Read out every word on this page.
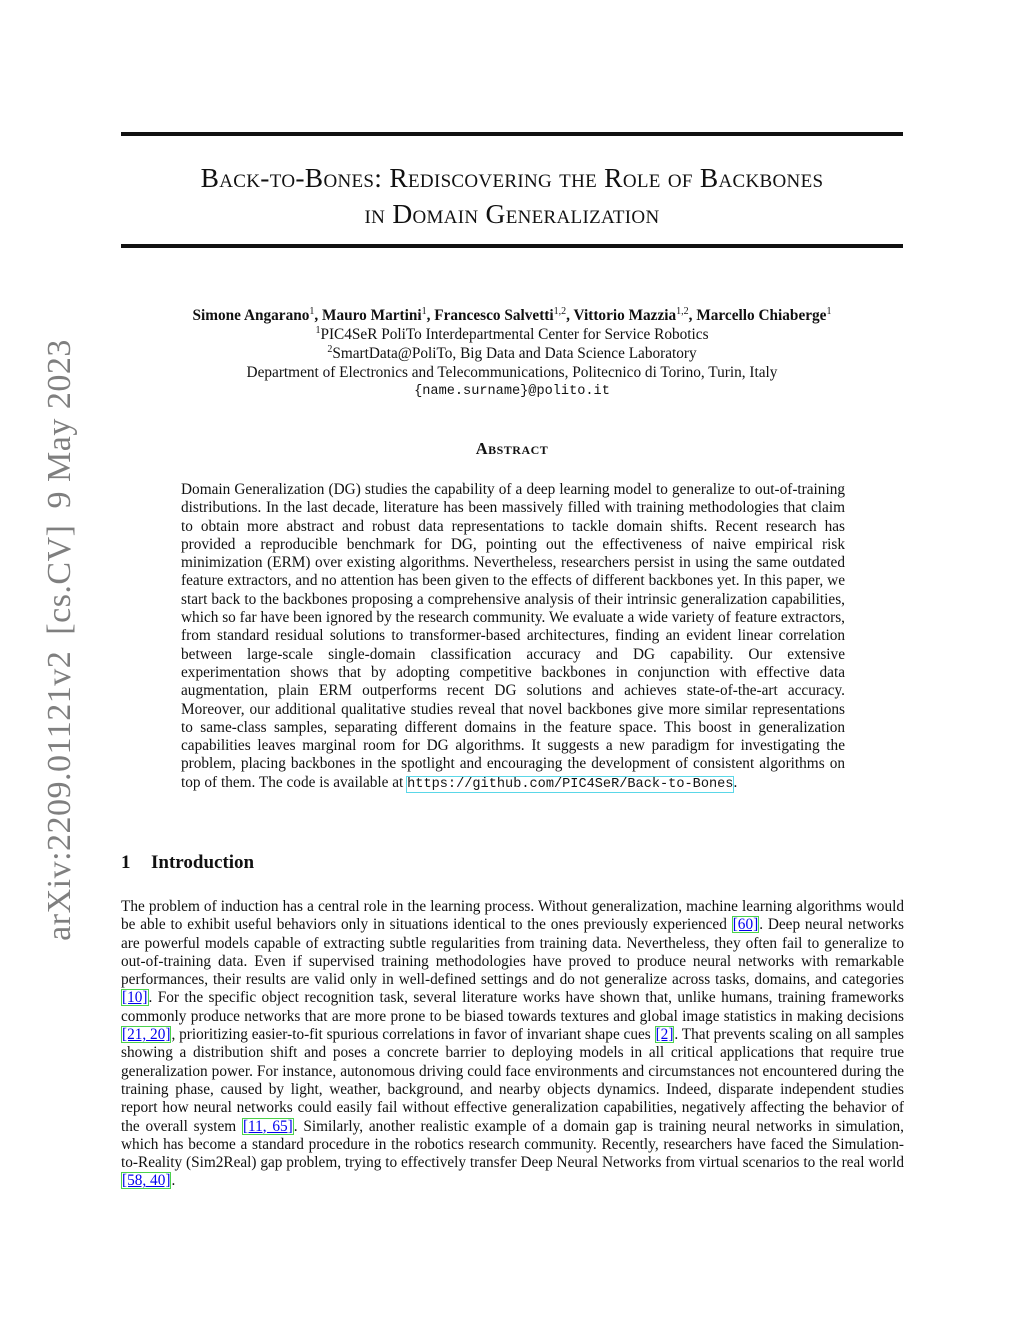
arXiv:2209.01121v2[cs.CV]9 May 2023
Back-to-Bones: Rediscovering the Role of Backbones
in Domain Generalization
Simone Angarano$^1$, Mauro Martini$^1$, Francesco Salvetti$^{1,2}$, Vittorio Mazzia$^{1,2}$, Marcello Chiaberge$^1$
$^1$PIC4SeR PoliTo Interdepartmental Center for Service Robotics
$^2$SmartData@PoliTo, Big Data and Data Science Laboratory
Department of Electronics and Telecommunications, Politecnico di Torino, Turin, Italy
{name.surname}@polito.it
Abstract
Domain Generalization (DG) studies the capability of a deep learning model to generalize to out-of-training distributions. In the last decade, literature has been massively filled with training methodologies that claim to obtain more abstract and robust data representations to tackle domain shifts. Recent research has provided a reproducible benchmark for DG, pointing out the effectiveness of naive empirical risk minimization (ERM) over existing algorithms. Nevertheless, researchers persist in using the same outdated feature extractors, and no attention has been given to the effects of different backbones yet. In this paper, we start back to the backbones proposing a comprehensive analysis of their intrinsic generalization capabilities, which so far have been ignored by the research community. We evaluate a wide variety of feature extractors, from standard residual solutions to transformer-based architectures, finding an evident linear correlation between large-scale single-domain classification accuracy and DG capability. Our extensive experimentation shows that by adopting competitive backbones in conjunction with effective data augmentation, plain ERM outperforms recent DG solutions and achieves state-of-the-art accuracy. Moreover, our additional qualitative studies reveal that novel backbones give more similar representations to same-class samples, separating different domains in the feature space. This boost in generalization capabilities leaves marginal room for DG algorithms. It suggests a new paradigm for investigating the problem, placing backbones in the spotlight and encouraging the development of consistent algorithms on top of them. The code is available at https://github.com/PIC4SeR/Back-to-Bones.
1 Introduction
The problem of induction has a central role in the learning process. Without generalization, machine learning algorithms would be able to exhibit useful behaviors only in situations identical to the ones previously experienced [60]. Deep neural networks are powerful models capable of extracting subtle regularities from training data. Nevertheless, they often fail to generalize to out-of-training data. Even if supervised training methodologies have proved to produce neural networks with remarkable performances, their results are valid only in well-defined settings and do not generalize across tasks, domains, and categories [10]. For the specific object recognition task, several literature works have shown that, unlike humans, training frameworks commonly produce networks that are more prone to be biased towards textures and global image statistics in making decisions [21, 20], prioritizing easier-to-fit spurious correlations in favor of invariant shape cues [2]. That prevents scaling on all samples showing a distribution shift and poses a concrete barrier to deploying models in all critical applications that require true generalization power. For instance, autonomous driving could face environments and circumstances not encountered during the training phase, caused by light, weather, background, and nearby objects dynamics. Indeed, disparate independent studies report how neural networks could easily fail without effective generalization capabilities, negatively affecting the behavior of the overall system [11, 65]. Similarly, another realistic example of a domain gap is training neural networks in simulation, which has become a standard procedure in the robotics research community. Recently, researchers have faced the Simulation-to-Reality (Sim2Real) gap problem, trying to effectively transfer Deep Neural Networks from virtual scenarios to the real world [58, 40].
